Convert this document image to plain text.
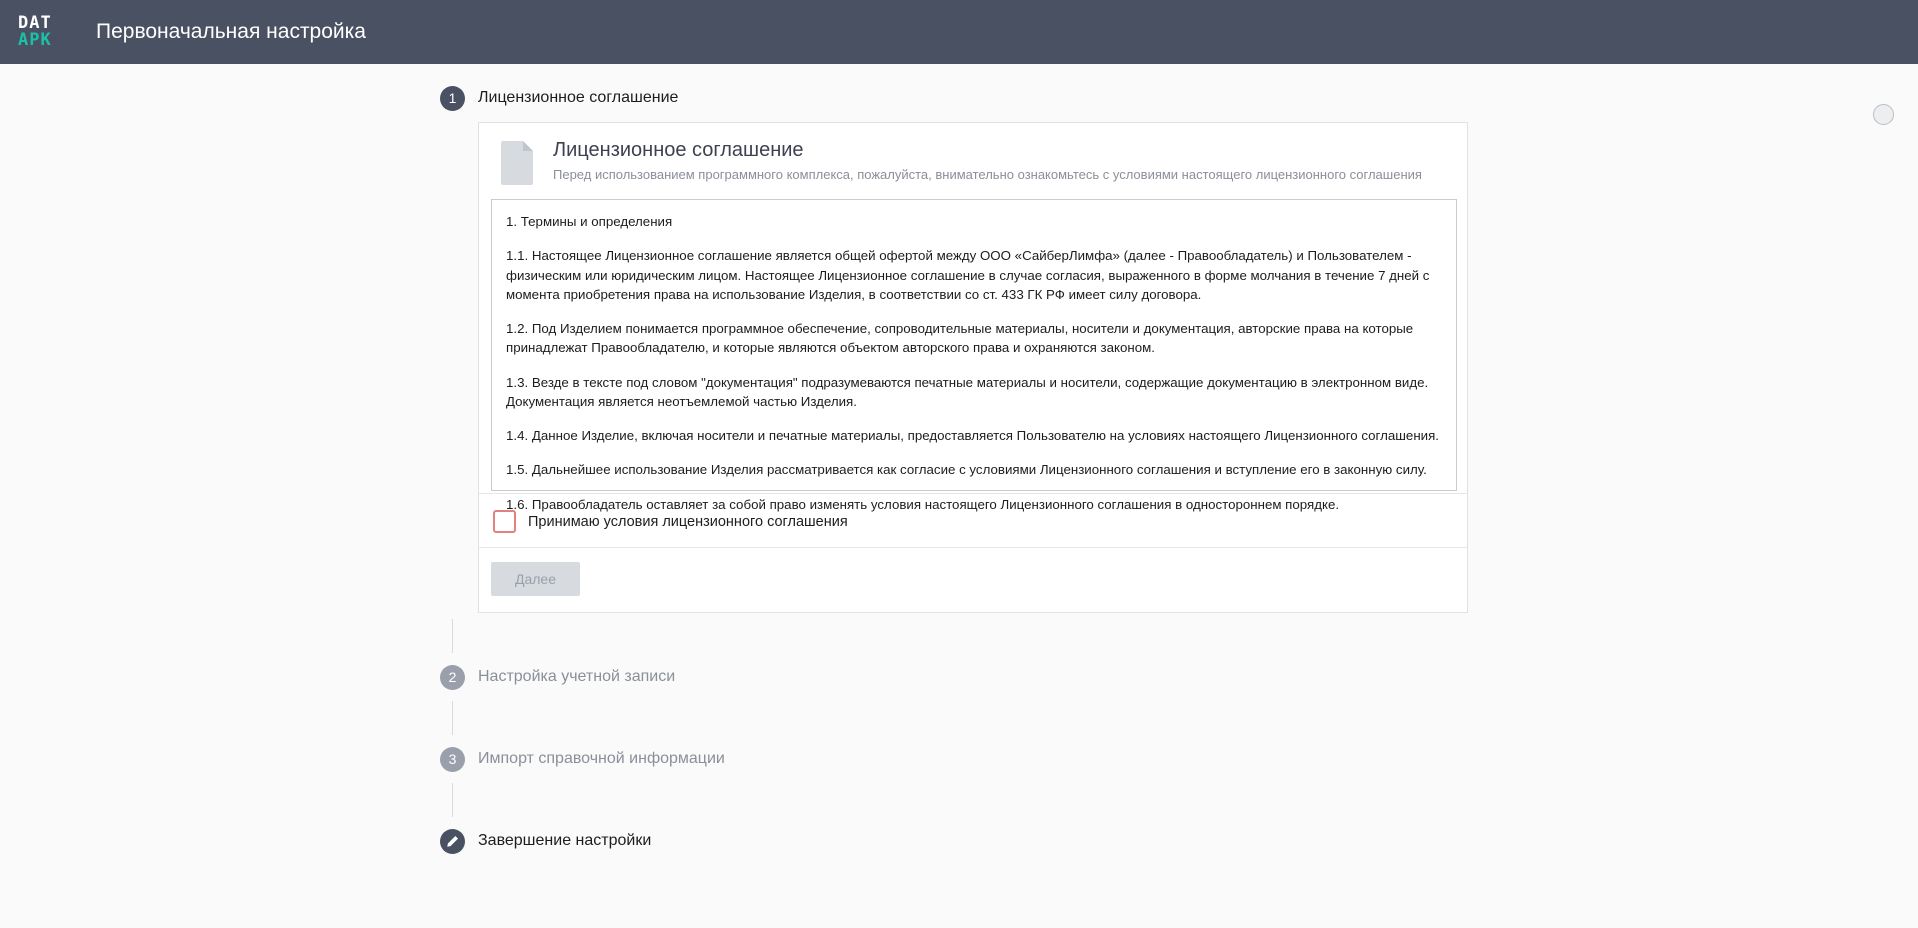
DAT
APK	Первоначальная настройка
1	Лицензионное соглашение
Лицензионное соглашение
Перед использованием программного комплекса, пожалуйста, внимательно ознакомьтесь с условиями настоящего лицензионного соглашения

1. Термины и определения

1.1. Настоящее Лицензионное соглашение является общей офертой между ООО «СайберЛимфа» (далее - Правообладатель) и Пользователем - физическим или юридическим лицом. Настоящее Лицензионное соглашение в случае согласия, выраженного в форме молчания в течение 7 дней с момента приобретения права на использование Изделия, в соответствии со ст. 433 ГК РФ имеет силу договора.

1.2. Под Изделием понимается программное обеспечение, сопроводительные материалы, носители и документация, авторские права на которые принадлежат Правообладателю, и которые являются объектом авторского права и охраняются законом.

1.3. Везде в тексте под словом "документация" подразумеваются печатные материалы и носители, содержащие документацию в электронном виде. Документация является неотъемлемой частью Изделия.

1.4. Данное Изделие, включая носители и печатные материалы, предоставляется Пользователю на условиях настоящего Лицензионного соглашения.

1.5. Дальнейшее использование Изделия рассматривается как согласие с условиями Лицензионного соглашения и вступление его в законную силу.

1.6. Правообладатель оставляет за собой право изменять условия настоящего Лицензионного соглашения в одностороннем порядке.

Принимаю условия лицензионного соглашения
Далее
2	Настройка учетной записи
3	Импорт справочной информации
Завершение настройки
